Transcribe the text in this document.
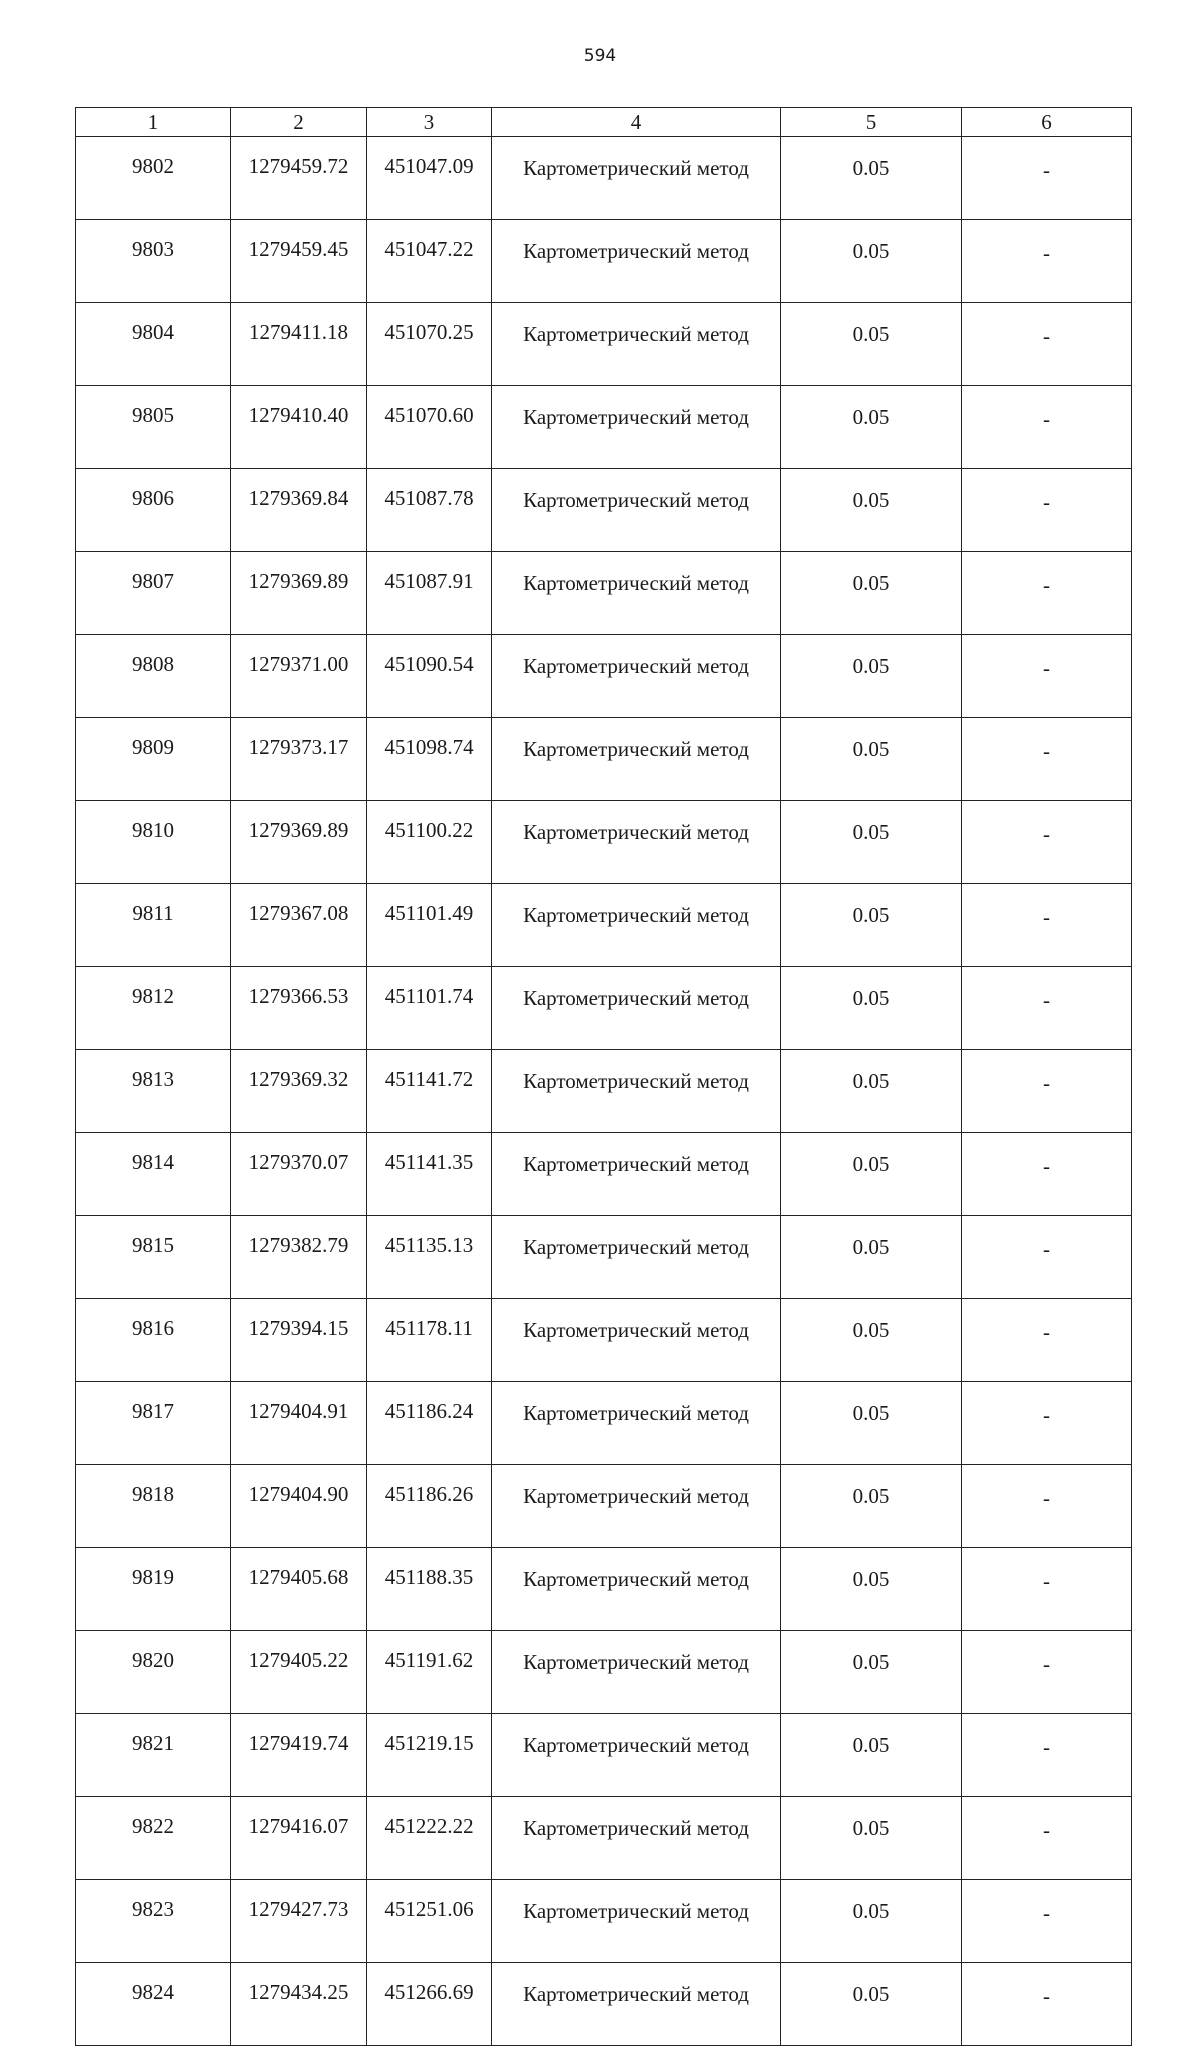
594
1	2	3	4	5	6
9802	1279459.72	451047.09	Картометрический метод	0.05	-
9803	1279459.45	451047.22	Картометрический метод	0.05	-
9804	1279411.18	451070.25	Картометрический метод	0.05	-
9805	1279410.40	451070.60	Картометрический метод	0.05	-
9806	1279369.84	451087.78	Картометрический метод	0.05	-
9807	1279369.89	451087.91	Картометрический метод	0.05	-
9808	1279371.00	451090.54	Картометрический метод	0.05	-
9809	1279373.17	451098.74	Картометрический метод	0.05	-
9810	1279369.89	451100.22	Картометрический метод	0.05	-
9811	1279367.08	451101.49	Картометрический метод	0.05	-
9812	1279366.53	451101.74	Картометрический метод	0.05	-
9813	1279369.32	451141.72	Картометрический метод	0.05	-
9814	1279370.07	451141.35	Картометрический метод	0.05	-
9815	1279382.79	451135.13	Картометрический метод	0.05	-
9816	1279394.15	451178.11	Картометрический метод	0.05	-
9817	1279404.91	451186.24	Картометрический метод	0.05	-
9818	1279404.90	451186.26	Картометрический метод	0.05	-
9819	1279405.68	451188.35	Картометрический метод	0.05	-
9820	1279405.22	451191.62	Картометрический метод	0.05	-
9821	1279419.74	451219.15	Картометрический метод	0.05	-
9822	1279416.07	451222.22	Картометрический метод	0.05	-
9823	1279427.73	451251.06	Картометрический метод	0.05	-
9824	1279434.25	451266.69	Картометрический метод	0.05	-
